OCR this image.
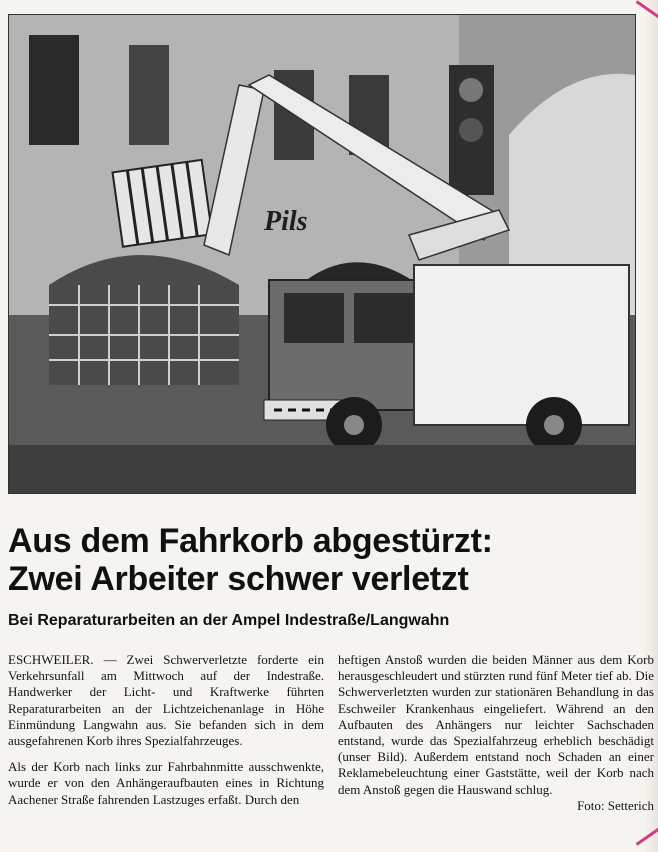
Pils
Aus dem Fahrkorb abgestürzt:
Zwei Arbeiter schwer verletzt
Bei Reparaturarbeiten an der Ampel Indestraße/Langwahn

ESCHWEILER. — Zwei Schwerverletzte forderte ein Verkehrsunfall am Mittwoch auf der Indestraße. Handwerker der Licht- und Kraftwerke führten Reparaturarbeiten an der Lichtzeichenanlage in Höhe Einmündung Langwahn aus. Sie befanden sich in dem ausgefahrenen Korb ihres Spezialfahrzeuges.

Als der Korb nach links zur Fahrbahnmitte ausschwenkte, wurde er von den Anhängeraufbauten eines in Richtung Aachener Straße fahrenden Lastzuges erfaßt. Durch den

heftigen Anstoß wurden die beiden Männer aus dem Korb herausgeschleudert und stürzten rund fünf Meter tief ab. Die Schwerverletzten wurden zur stationären Behandlung in das Eschweiler Krankenhaus eingeliefert. Während an den Aufbauten des Anhängers nur leichter Sachschaden entstand, wurde das Spezialfahrzeug erheblich beschädigt (unser Bild). Außerdem entstand noch Schaden an einer Reklamebeleuchtung einer Gaststätte, weil der Korb nach dem Anstoß gegen die Hauswand schlug.

Foto: Setterich
